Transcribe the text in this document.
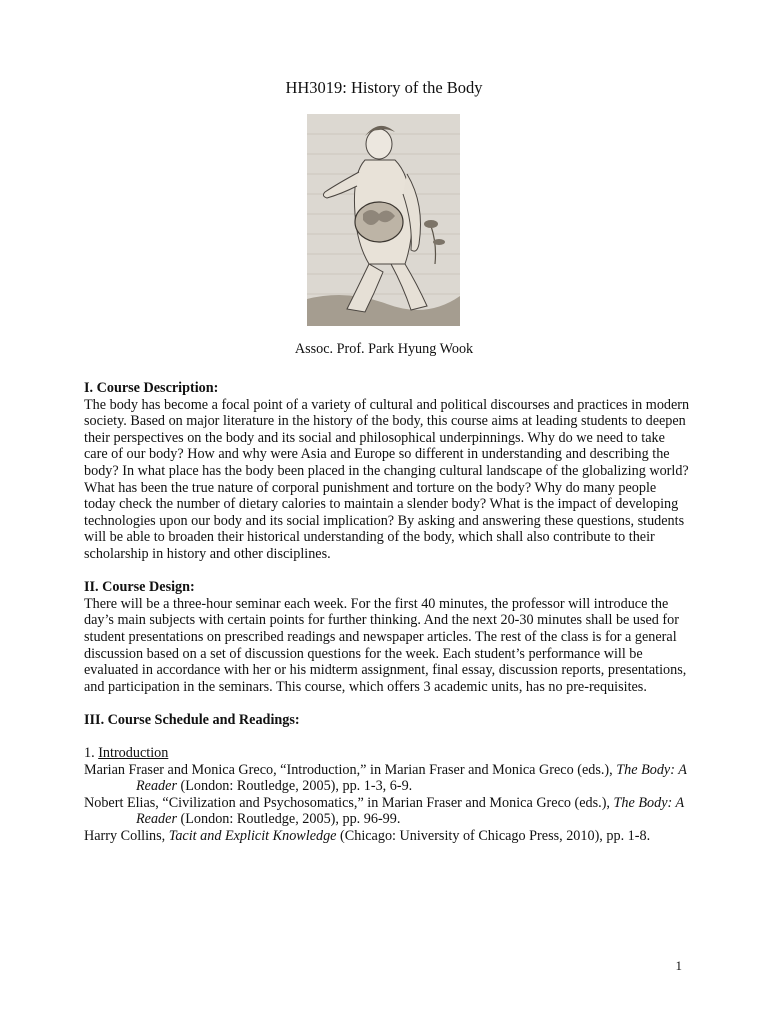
HH3019: History of the Body
Assoc. Prof. Park Hyung Wook
I. Course Description:

The body has become a focal point of a variety of cultural and political discourses and practices in modern society. Based on major literature in the history of the body, this course aims at leading students to deepen their perspectives on the body and its social and philosophical underpinnings. Why do we need to take care of our body? How and why were Asia and Europe so different in understanding and describing the body? In what place has the body been placed in the changing cultural landscape of the globalizing world? What has been the true nature of corporal punishment and torture on the body? Why do many people today check the number of dietary calories to maintain a slender body? What is the impact of developing technologies upon our body and its social implication? By asking and answering these questions, students will be able to broaden their historical understanding of the body, which shall also contribute to their scholarship in history and other disciplines.

II. Course Design:

There will be a three-hour seminar each week. For the first 40 minutes, the professor will introduce the day’s main subjects with certain points for further thinking. And the next 20-30 minutes shall be used for student presentations on prescribed readings and newspaper articles. The rest of the class is for a general discussion based on a set of discussion questions for the week. Each student’s performance will be evaluated in accordance with her or his midterm assignment, final essay, discussion reports, presentations, and participation in the seminars. This course, which offers 3 academic units, has no pre-requisites.

III. Course Schedule and Readings:

1. Introduction

Marian Fraser and Monica Greco, “Introduction,” in Marian Fraser and Monica Greco (eds.), The Body: A Reader (London: Routledge, 2005), pp. 1-3, 6-9.

Nobert Elias, “Civilization and Psychosomatics,” in Marian Fraser and Monica Greco (eds.), The Body: A Reader (London: Routledge, 2005), pp. 96-99.

Harry Collins, Tacit and Explicit Knowledge (Chicago: University of Chicago Press, 2010), pp. 1-8.

1
